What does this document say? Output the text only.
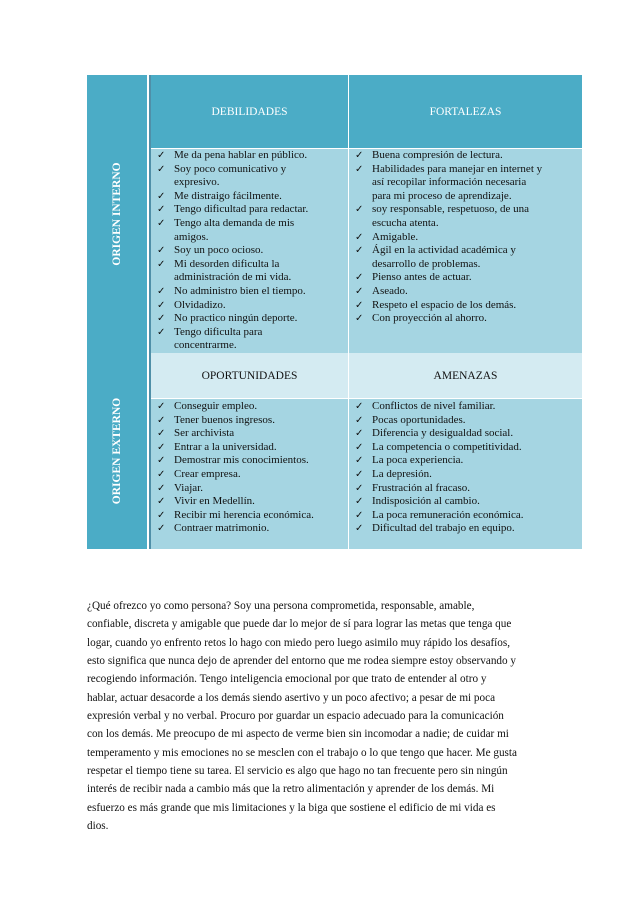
ORIGEN INTERNO
ORIGEN EXTERNO
DEBILIDADES	FORTALEZAS
✓ Me da pena hablar en público.
✓ Soy poco comunicativo y
expresivo.
✓ Me distraigo fácilmente.
✓ Tengo dificultad para redactar.
✓ Tengo alta demanda de mis
amigos.
✓ Soy un poco ocioso.
✓ Mi desorden dificulta la
administración de mi vida.
✓ No administro bien el tiempo.
✓ Olvidadizo.
✓ No practico ningún deporte.
✓ Tengo dificulta para
concentrarme.
✓ Buena compresión de lectura.
✓ Habilidades para manejar en internet y
así recopilar información necesaria
para mi proceso de aprendizaje.
✓ soy responsable, respetuoso, de una
escucha atenta.
✓ Amigable.
✓ Ágil en la actividad académica y
desarrollo de problemas.
✓ Pienso antes de actuar.
✓ Aseado.
✓ Respeto el espacio de los demás.
✓ Con proyección al ahorro.
OPORTUNIDADES	AMENAZAS
✓ Conseguir empleo.
✓ Tener buenos ingresos.
✓ Ser archivista
✓ Entrar a la universidad.
✓ Demostrar mis conocimientos.
✓ Crear empresa.
✓ Viajar.
✓ Vivir en Medellín.
✓ Recibir mi herencia económica.
✓ Contraer matrimonio.
✓ Conflictos de nivel familiar.
✓ Pocas oportunidades.
✓ Diferencia y desigualdad social.
✓ La competencia o competitividad.
✓ La poca experiencia.
✓ La depresión.
✓ Frustración al fracaso.
✓ Indisposición al cambio.
✓ La poca remuneración económica.
✓ Dificultad del trabajo en equipo.
¿Qué ofrezco yo como persona? Soy una persona comprometida, responsable, amable,
confiable, discreta y amigable que puede dar lo mejor de sí para lograr las metas que tenga que
logar, cuando yo enfrento retos lo hago con miedo pero luego asimilo muy rápido los desafíos,
esto significa que nunca dejo de aprender del entorno que me rodea siempre estoy observando y
recogiendo información. Tengo inteligencia emocional por que trato de entender al otro y
hablar, actuar desacorde a los demás siendo asertivo y un poco afectivo; a pesar de mi poca
expresión verbal y no verbal. Procuro por guardar un espacio adecuado para la comunicación
con los demás. Me preocupo de mi aspecto de verme bien sin incomodar a nadie; de cuidar mi
temperamento y mis emociones no se mesclen con el trabajo o lo que tengo que hacer. Me gusta
respetar el tiempo tiene su tarea. El servicio es algo que hago no tan frecuente pero sin ningún
interés de recibir nada a cambio más que la retro alimentación y aprender de los demás. Mi
esfuerzo es más grande que mis limitaciones y la biga que sostiene el edificio de mi vida es
dios.
